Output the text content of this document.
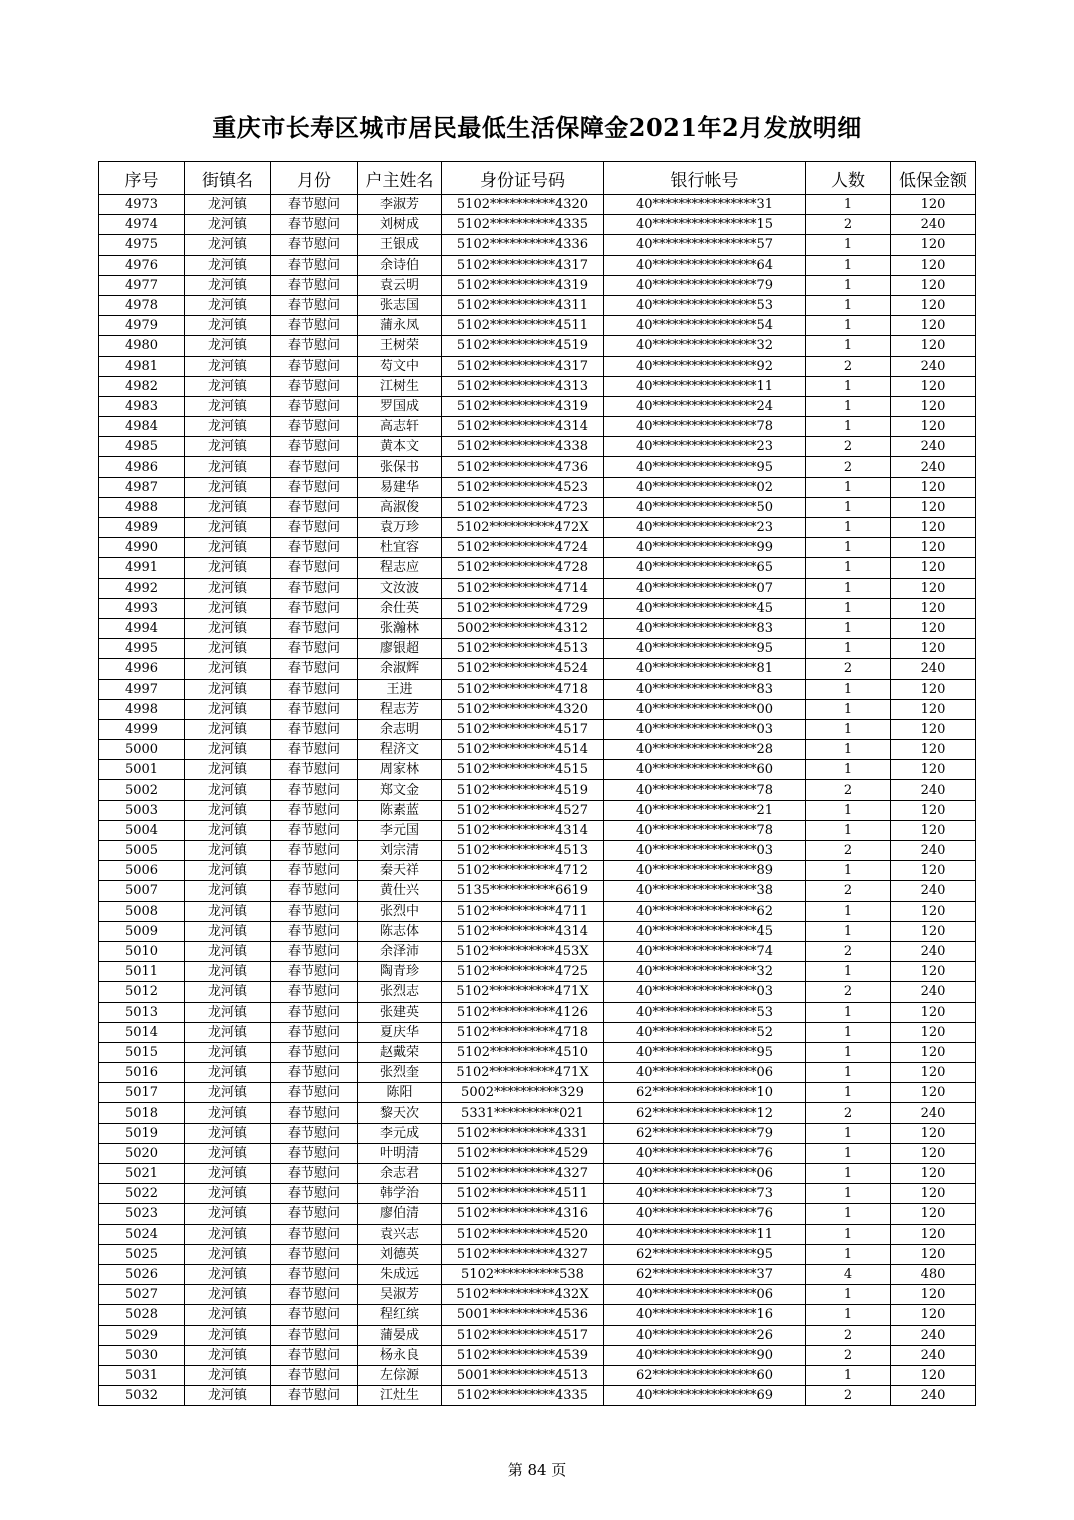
重庆市长寿区城市居民最低生活保障金2021年2月发放明细
序号	街镇名	月份	户主姓名	身份证号码	银行帐号	人数	低保金额
4973	龙河镇	春节慰问	李淑芳	5102**********4320	40****************31	1	120
4974	龙河镇	春节慰问	刘树成	5102**********4335	40****************15	2	240
4975	龙河镇	春节慰问	王银成	5102**********4336	40****************57	1	120
4976	龙河镇	春节慰问	余诗伯	5102**********4317	40****************64	1	120
4977	龙河镇	春节慰问	袁云明	5102**********4319	40****************79	1	120
4978	龙河镇	春节慰问	张志国	5102**********4311	40****************53	1	120
4979	龙河镇	春节慰问	蒲永凤	5102**********4511	40****************54	1	120
4980	龙河镇	春节慰问	王树荣	5102**********4519	40****************32	1	120
4981	龙河镇	春节慰问	芶文中	5102**********4317	40****************92	2	240
4982	龙河镇	春节慰问	江树生	5102**********4313	40****************11	1	120
4983	龙河镇	春节慰问	罗国成	5102**********4319	40****************24	1	120
4984	龙河镇	春节慰问	高志轩	5102**********4314	40****************78	1	120
4985	龙河镇	春节慰问	黄本文	5102**********4338	40****************23	2	240
4986	龙河镇	春节慰问	张保书	5102**********4736	40****************95	2	240
4987	龙河镇	春节慰问	易建华	5102**********4523	40****************02	1	120
4988	龙河镇	春节慰问	高淑俊	5102**********4723	40****************50	1	120
4989	龙河镇	春节慰问	袁万珍	5102**********472X	40****************23	1	120
4990	龙河镇	春节慰问	杜宜容	5102**********4724	40****************99	1	120
4991	龙河镇	春节慰问	程志应	5102**********4728	40****************65	1	120
4992	龙河镇	春节慰问	文汝波	5102**********4714	40****************07	1	120
4993	龙河镇	春节慰问	余仕英	5102**********4729	40****************45	1	120
4994	龙河镇	春节慰问	张瀚林	5002**********4312	40****************83	1	120
4995	龙河镇	春节慰问	廖银超	5102**********4513	40****************95	1	120
4996	龙河镇	春节慰问	余淑辉	5102**********4524	40****************81	2	240
4997	龙河镇	春节慰问	王进	5102**********4718	40****************83	1	120
4998	龙河镇	春节慰问	程志芳	5102**********4320	40****************00	1	120
4999	龙河镇	春节慰问	余志明	5102**********4517	40****************03	1	120
5000	龙河镇	春节慰问	程济文	5102**********4514	40****************28	1	120
5001	龙河镇	春节慰问	周家林	5102**********4515	40****************60	1	120
5002	龙河镇	春节慰问	郑文金	5102**********4519	40****************78	2	240
5003	龙河镇	春节慰问	陈素蓝	5102**********4527	40****************21	1	120
5004	龙河镇	春节慰问	李元国	5102**********4314	40****************78	1	120
5005	龙河镇	春节慰问	刘宗清	5102**********4513	40****************03	2	240
5006	龙河镇	春节慰问	秦天祥	5102**********4712	40****************89	1	120
5007	龙河镇	春节慰问	黄仕兴	5135**********6619	40****************38	2	240
5008	龙河镇	春节慰问	张烈中	5102**********4711	40****************62	1	120
5009	龙河镇	春节慰问	陈志体	5102**********4314	40****************45	1	120
5010	龙河镇	春节慰问	余泽沛	5102**********453X	40****************74	2	240
5011	龙河镇	春节慰问	陶青珍	5102**********4725	40****************32	1	120
5012	龙河镇	春节慰问	张烈志	5102**********471X	40****************03	2	240
5013	龙河镇	春节慰问	张建英	5102**********4126	40****************53	1	120
5014	龙河镇	春节慰问	夏庆华	5102**********4718	40****************52	1	120
5015	龙河镇	春节慰问	赵戴荣	5102**********4510	40****************95	1	120
5016	龙河镇	春节慰问	张烈奎	5102**********471X	40****************06	1	120
5017	龙河镇	春节慰问	陈阳	5002**********329	62****************10	1	120
5018	龙河镇	春节慰问	黎天次	5331**********021	62****************12	2	240
5019	龙河镇	春节慰问	李元成	5102**********4331	62****************79	1	120
5020	龙河镇	春节慰问	叶明清	5102**********4529	40****************76	1	120
5021	龙河镇	春节慰问	余志君	5102**********4327	40****************06	1	120
5022	龙河镇	春节慰问	韩学治	5102**********4511	40****************73	1	120
5023	龙河镇	春节慰问	廖伯清	5102**********4316	40****************76	1	120
5024	龙河镇	春节慰问	袁兴志	5102**********4520	40****************11	1	120
5025	龙河镇	春节慰问	刘德英	5102**********4327	62****************95	1	120
5026	龙河镇	春节慰问	朱成远	5102**********538	62****************37	4	480
5027	龙河镇	春节慰问	吴淑芳	5102**********432X	40****************06	1	120
5028	龙河镇	春节慰问	程红缤	5001**********4536	40****************16	1	120
5029	龙河镇	春节慰问	蒲晏成	5102**********4517	40****************26	2	240
5030	龙河镇	春节慰问	杨永良	5102**********4539	40****************90	2	240
5031	龙河镇	春节慰问	左倧源	5001**********4513	62****************60	1	120
5032	龙河镇	春节慰问	江灶生	5102**********4335	40****************69	2	240
第 84 页
